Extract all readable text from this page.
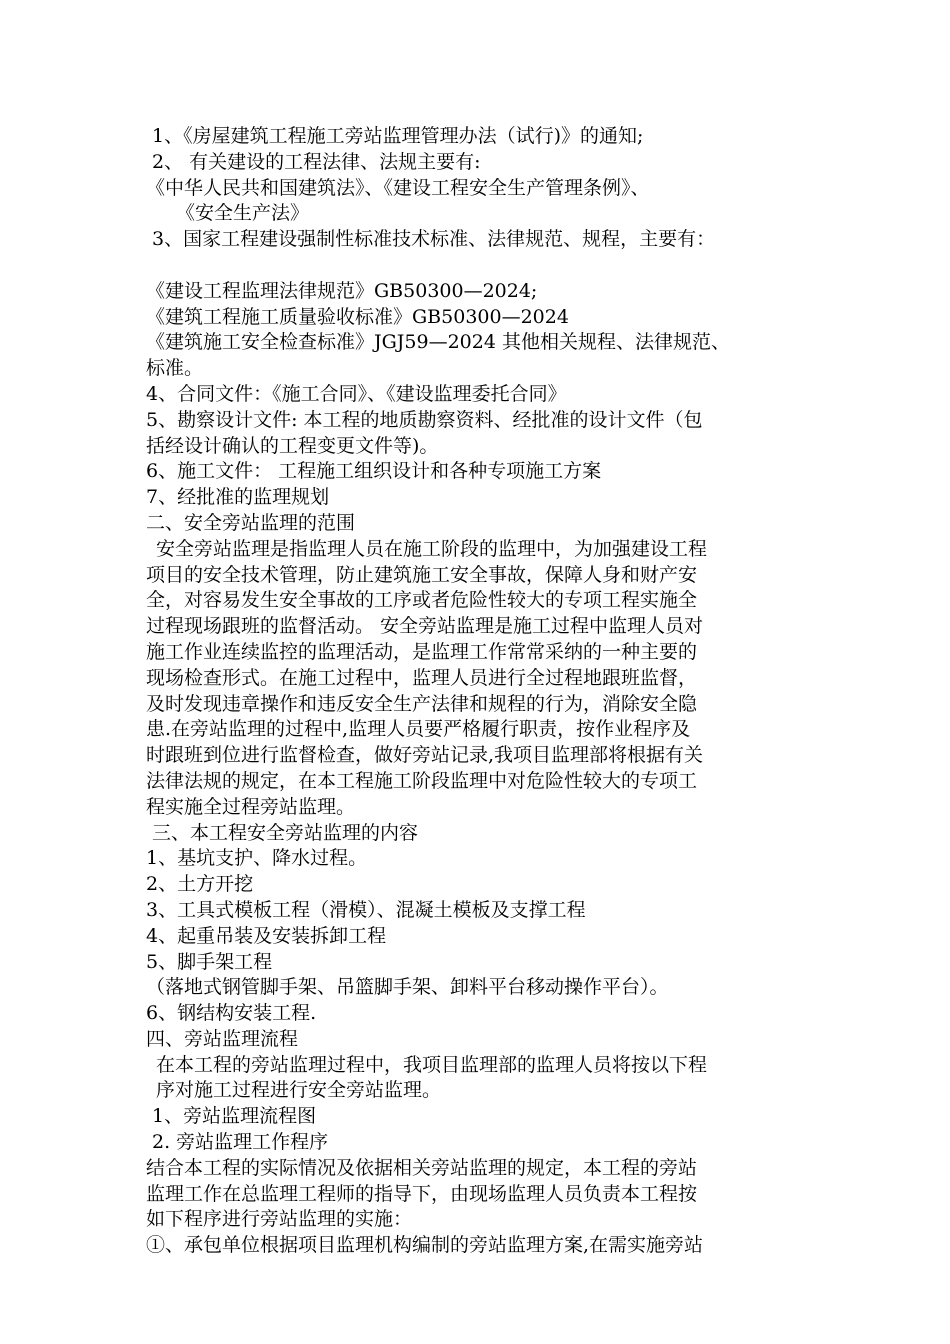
1、《房屋建筑工程施工旁站监理管理办法（试行)》的通知;
2、 有关建设的工程法律、法规主要有:
《中华人民共和国建筑法》、《建设工程安全生产管理条例》、
《安全生产法》
3、国家工程建设强制性标准技术标准、法律规范、规程，主要有：
《建设工程监理法律规范》GB50300—2024;
《建筑工程施工质量验收标准》GB50300—2024
《建筑施工安全检查标准》JGJ59—2024 其他相关规程、法律规范、
标准。
4、合同文件：《施工合同》、《建设监理委托合同》
5、勘察设计文件: 本工程的地质勘察资料、经批准的设计文件（包
括经设计确认的工程变更文件等)。
6、施工文件： 工程施工组织设计和各种专项施工方案
7、经批准的监理规划
二、安全旁站监理的范围
安全旁站监理是指监理人员在施工阶段的监理中，为加强建设工程
项目的安全技术管理，防止建筑施工安全事故，保障人身和财产安
全，对容易发生安全事故的工序或者危险性较大的专项工程实施全
过程现场跟班的监督活动。 安全旁站监理是施工过程中监理人员对
施工作业连续监控的监理活动，是监理工作常常采纳的一种主要的
现场检查形式。在施工过程中，监理人员进行全过程地跟班监督，
及时发现违章操作和违反安全生产法律和规程的行为，消除安全隐
患.在旁站监理的过程中,监理人员要严格履行职责，按作业程序及
时跟班到位进行监督检查，做好旁站记录,我项目监理部将根据有关
法律法规的规定，在本工程施工阶段监理中对危险性较大的专项工
程实施全过程旁站监理。
三、本工程安全旁站监理的内容
1、基坑支护、降水过程。
2、土方开挖
3、工具式模板工程（滑模）、混凝土模板及支撑工程
4、起重吊装及安装拆卸工程
5、脚手架工程
（落地式钢管脚手架、吊篮脚手架、卸料平台移动操作平台）。
6、钢结构安装工程.
四、旁站监理流程
在本工程的旁站监理过程中，我项目监理部的监理人员将按以下程
序对施工过程进行安全旁站监理。
1、旁站监理流程图
2. 旁站监理工作程序
结合本工程的实际情况及依据相关旁站监理的规定，本工程的旁站
监理工作在总监理工程师的指导下，由现场监理人员负责本工程按
如下程序进行旁站监理的实施：
①、承包单位根据项目监理机构编制的旁站监理方案,在需实施旁站
